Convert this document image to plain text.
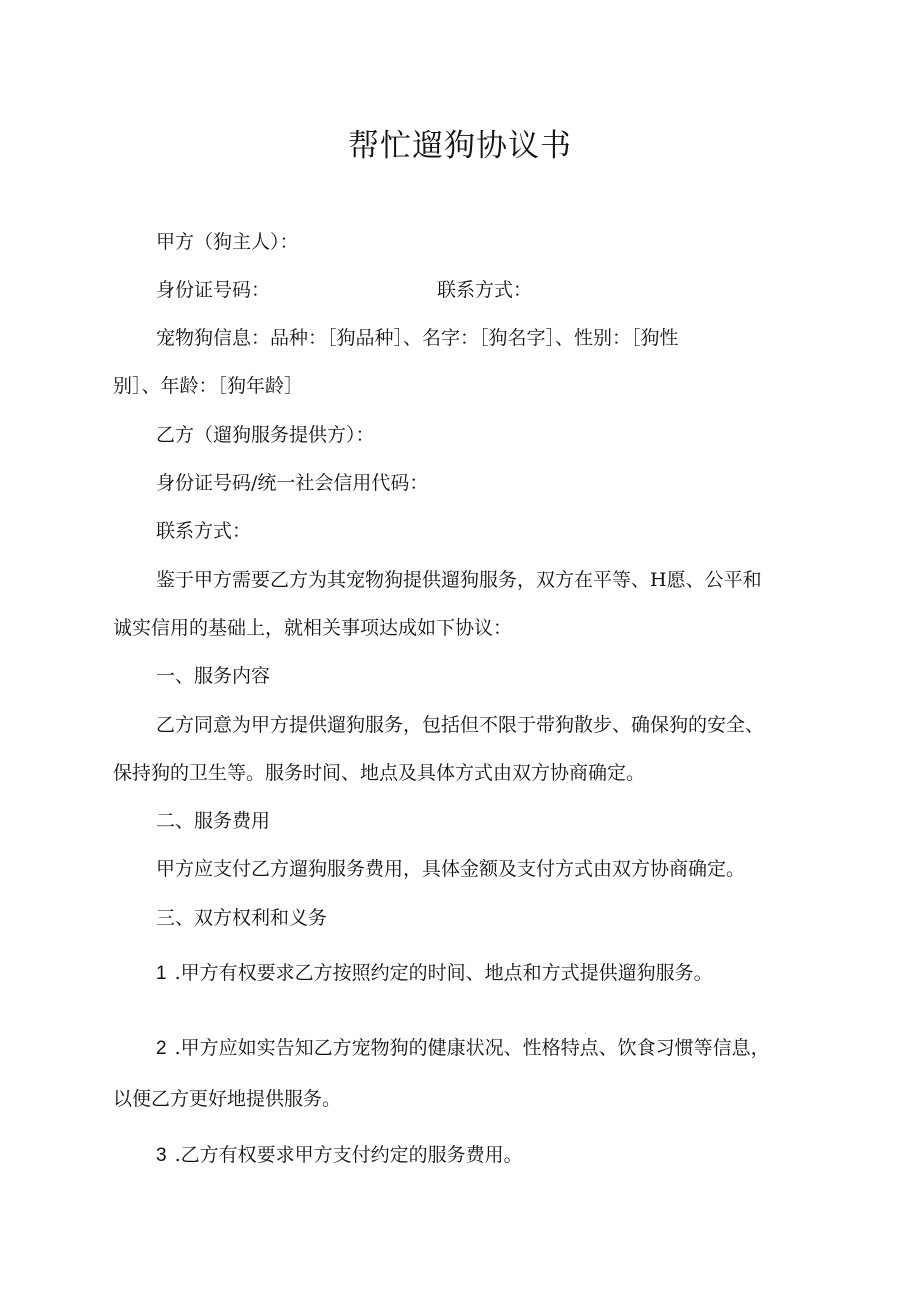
帮忙遛狗协议书
甲方（狗主人）：
身份证号码：	联系方式：
宠物狗信息：品种：［狗品种］、名字：［狗名字］、性别：［狗性
别］、年龄：［狗年龄］
乙方（遛狗服务提供方）：
身份证号码/统一社会信用代码：
联系方式：
鉴于甲方需要乙方为其宠物狗提供遛狗服务，双方在平等、H愿、公平和
诚实信用的基础上，就相关事项达成如下协议：
一、服务内容
乙方同意为甲方提供遛狗服务，包括但不限于带狗散步、确保狗的安全、
保持狗的卫生等。服务时间、地点及具体方式由双方协商确定。
二、服务费用
甲方应支付乙方遛狗服务费用，具体金额及支付方式由双方协商确定。
三、双方权利和义务
1 .甲方有权要求乙方按照约定的时间、地点和方式提供遛狗服务。
2 .甲方应如实告知乙方宠物狗的健康状况、性格特点、饮食习惯等信息，
以便乙方更好地提供服务。
3 .乙方有权要求甲方支付约定的服务费用。
